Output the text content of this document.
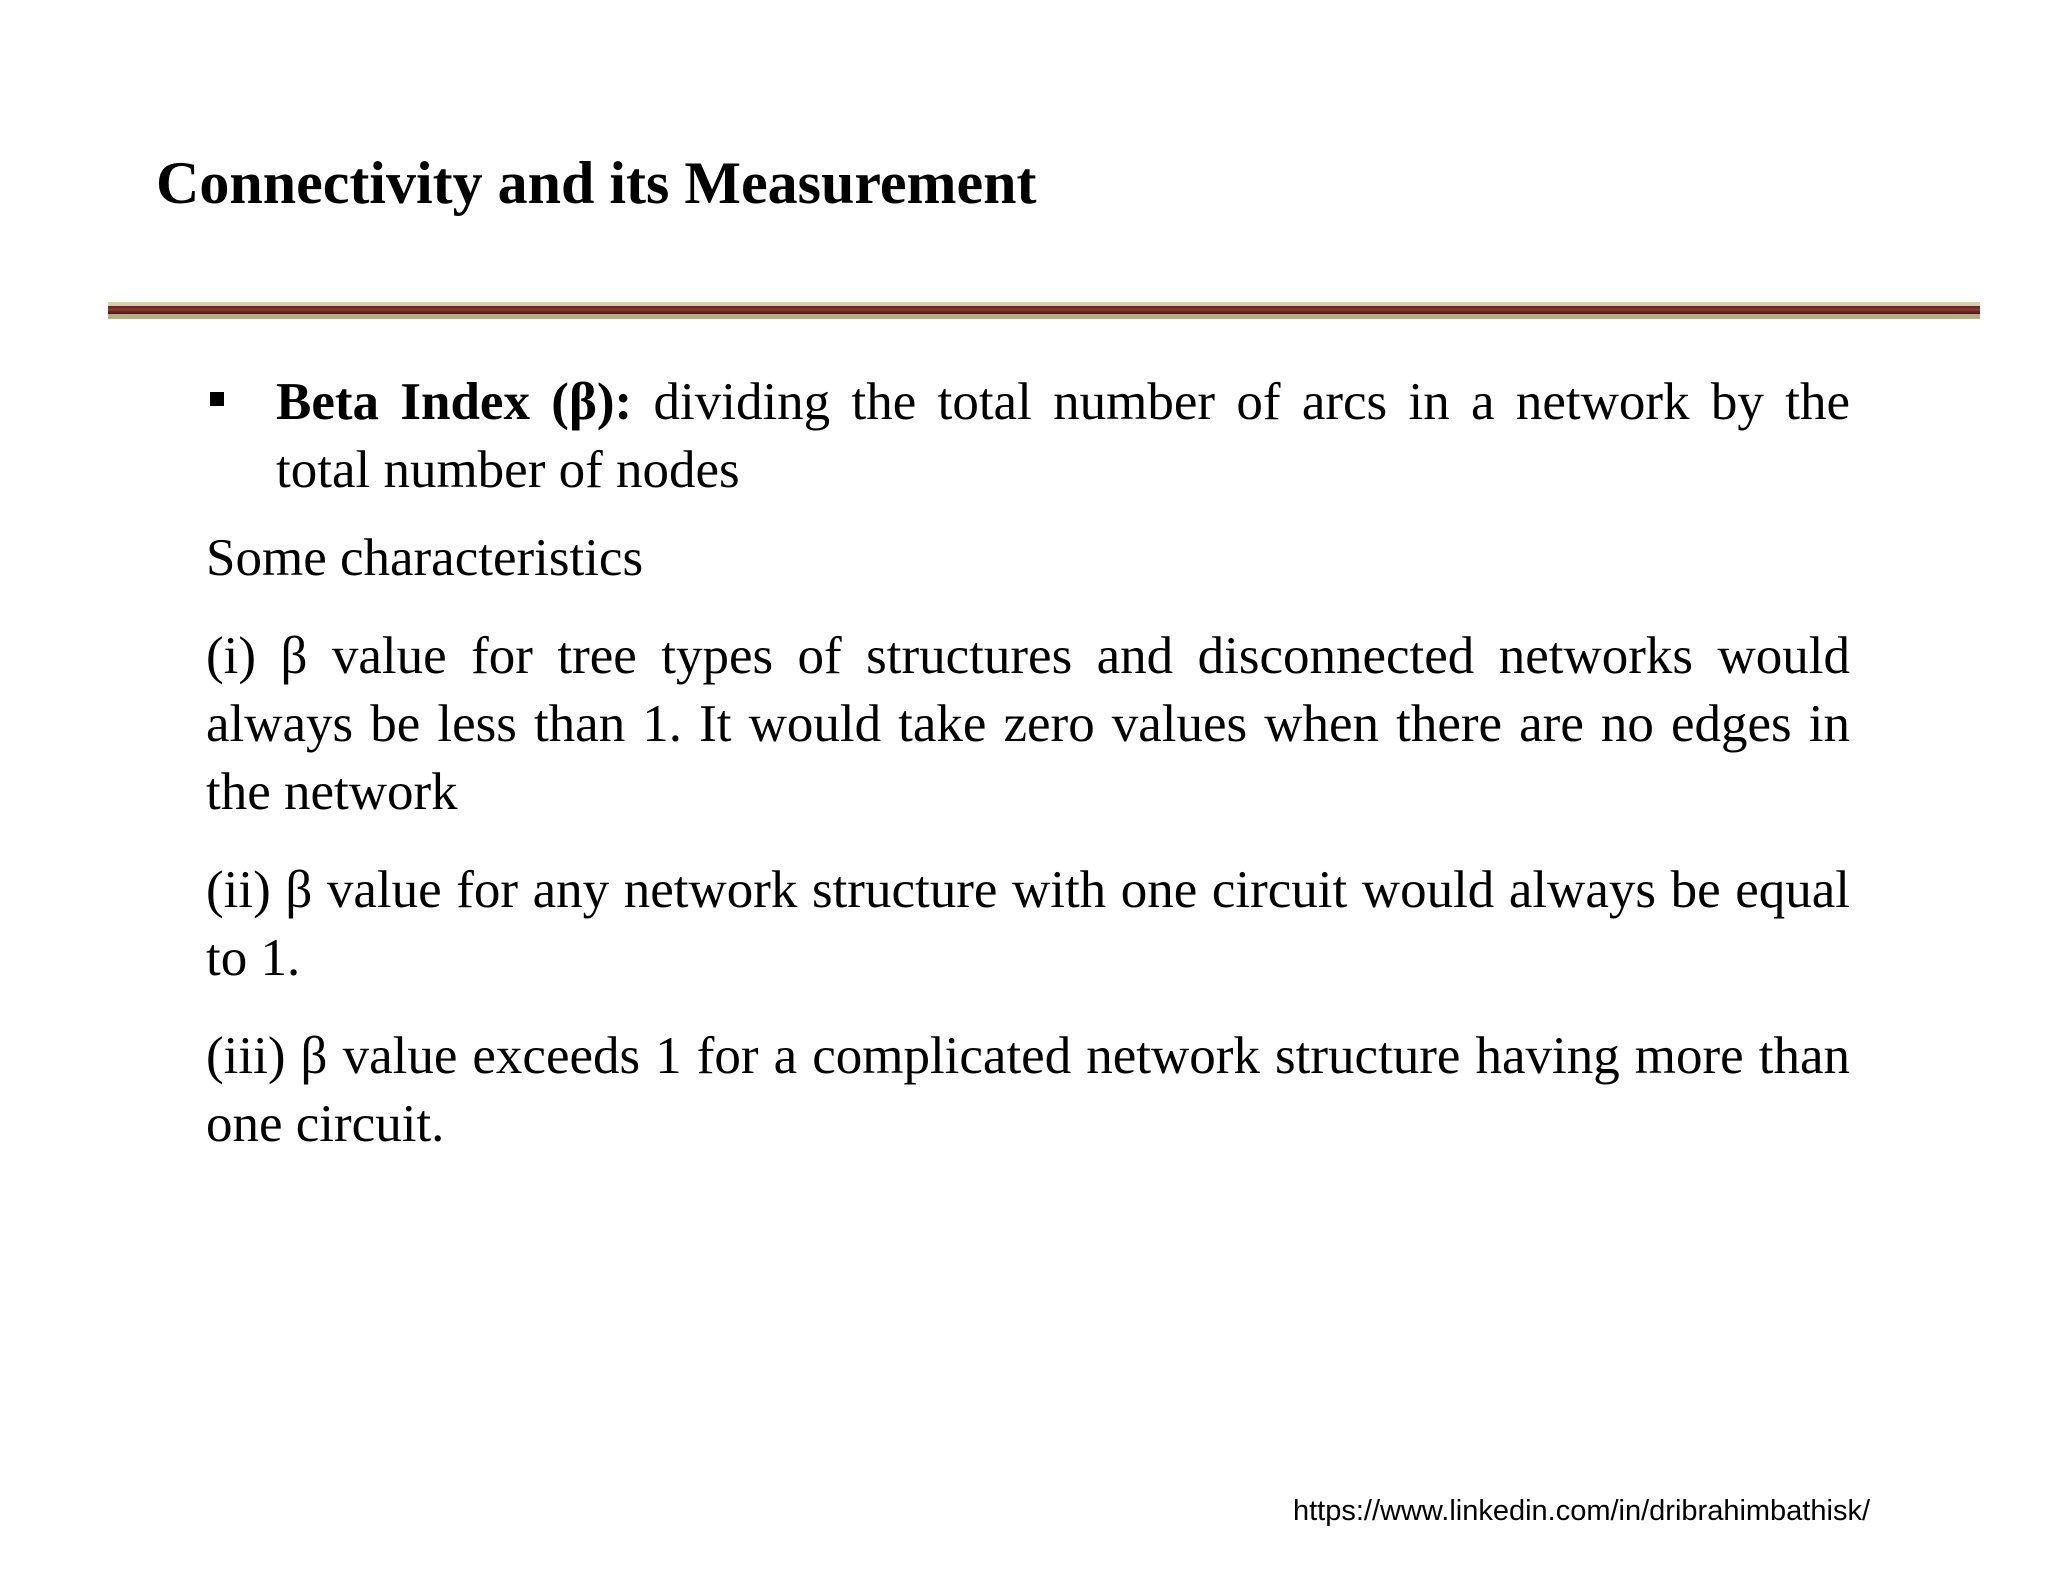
Connectivity and its Measurement

Beta Index (β): dividing the total number of arcs in a network by the total number of nodes

Some characteristics

(i) β value for tree types of structures and disconnected networks would always be less than 1. It would take zero values when there are no edges in the network

(ii) β value for any network structure with one circuit would always be equal to 1.

(iii) β value exceeds 1 for a complicated network structure having more than one circuit.

https://www.linkedin.com/in/dribrahimbathisk/
